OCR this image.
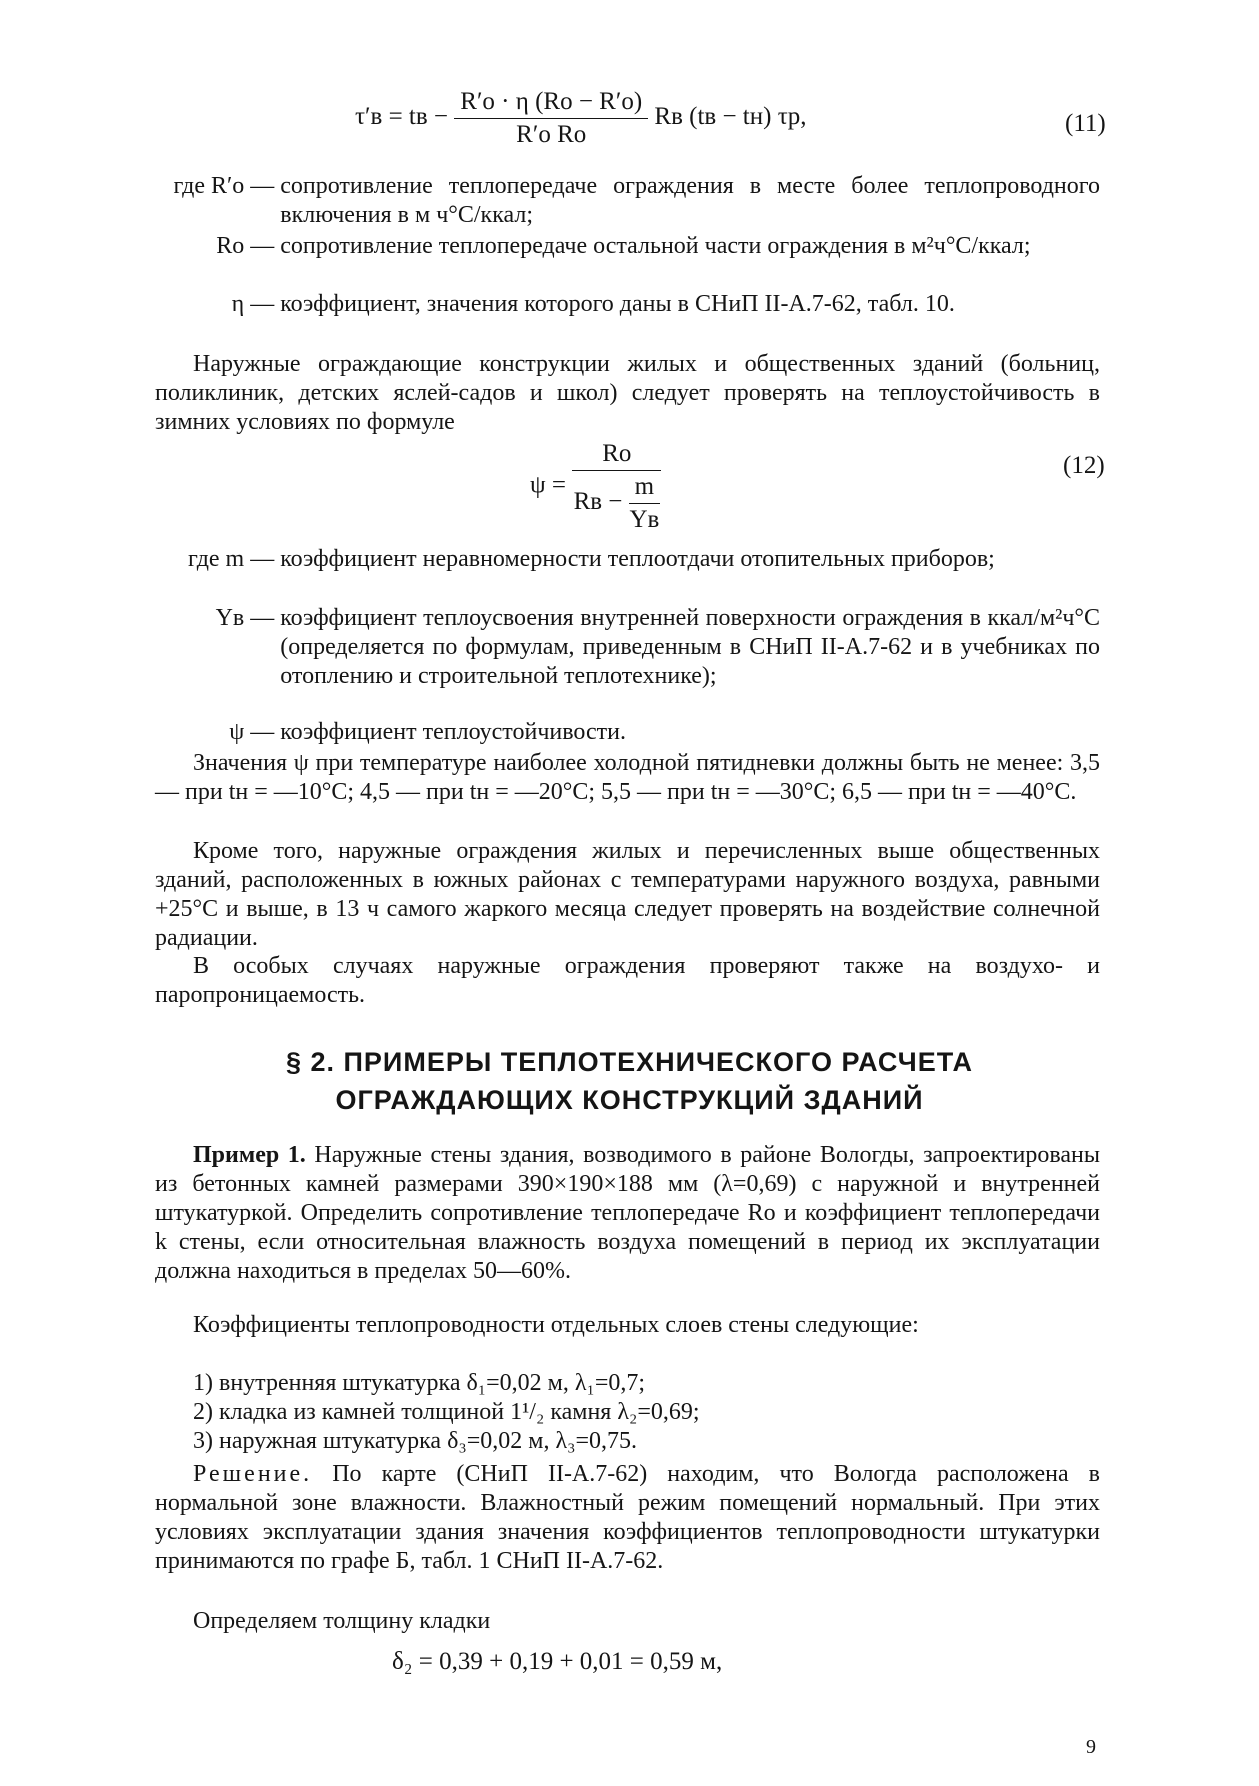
τ′в = tв − $\frac{R'о \cdot \eta (Rо - R'о)}{\text{R′о Rо}}$ Rв (tв − tн) τр,	(11)
где R′о — сопротивление теплопередаче ограждения в месте более теплопроводного включения в м ч°С/ккал;
Rо — сопротивление теплопередаче остальной части ограждения в м²ч°С/ккал;
η — коэффициент, значения которого даны в СНиП II-А.7-62, табл. 10.

Наружные ограждающие конструкции жилых и общественных зданий (больниц, поликлиник, детских яслей-садов и школ) следует проверять на теплоустойчивость в зимних условиях по формуле

$\psi = \frac{Rо}{Rв - \frac{m}{Yв}}$	(12)
где m — коэффициент неравномерности теплоотдачи отопительных приборов;
Yв — коэффициент теплоусвоения внутренней поверхности ограждения в ккал/м²ч°С (определяется по формулам, приведенным в СНиП II-А.7-62 и в учебниках по отоплению и строительной теплотехнике);
ψ — коэффициент теплоустойчивости.

Значения ψ при температуре наиболее холодной пятидневки должны быть не менее: 3,5 — при tн = —10°С; 4,5 — при tн = —20°С; 5,5 — при tн = —30°С; 6,5 — при tн = —40°С.

Кроме того, наружные ограждения жилых и перечисленных выше общественных зданий, расположенных в южных районах с температурами наружного воздуха, равными +25°С и выше, в 13 ч самого жаркого месяца следует проверять на воздействие солнечной радиации.

В особых случаях наружные ограждения проверяют также на воздухо- и паропроницаемость.

§ 2. ПРИМЕРЫ ТЕПЛОТЕХНИЧЕСКОГО РАСЧЕТА
ОГРАЖДАЮЩИХ КОНСТРУКЦИЙ ЗДАНИЙ

Пример 1. Наружные стены здания, возводимого в районе Вологды, запроектированы из бетонных камней размерами 390×190×188 мм (λ=0,69) с наружной и внутренней штукатуркой. Определить сопротивление теплопередаче Rо и коэффициент теплопередачи k стены, если относительная влажность воздуха помещений в период их эксплуатации должна находиться в пределах 50—60%.

Коэффициенты теплопроводности отдельных слоев стены следующие:

1) внутренняя штукатурка δ₁=0,02 м, λ₁=0,7;
2) кладка из камней толщиной 1¹/₂ камня λ₂=0,69;
3) наружная штукатурка δ₃=0,02 м, λ₃=0,75.

Решение. По карте (СНиП II-А.7-62) находим, что Вологда расположена в нормальной зоне влажности. Влажностный режим помещений нормальный. При этих условиях эксплуатации здания значения коэффициентов теплопроводности штукатурки принимаются по графе Б, табл. 1 СНиП II-А.7-62.

Определяем толщину кладки

δ₂ = 0,39 + 0,19 + 0,01 = 0,59 м,
9
